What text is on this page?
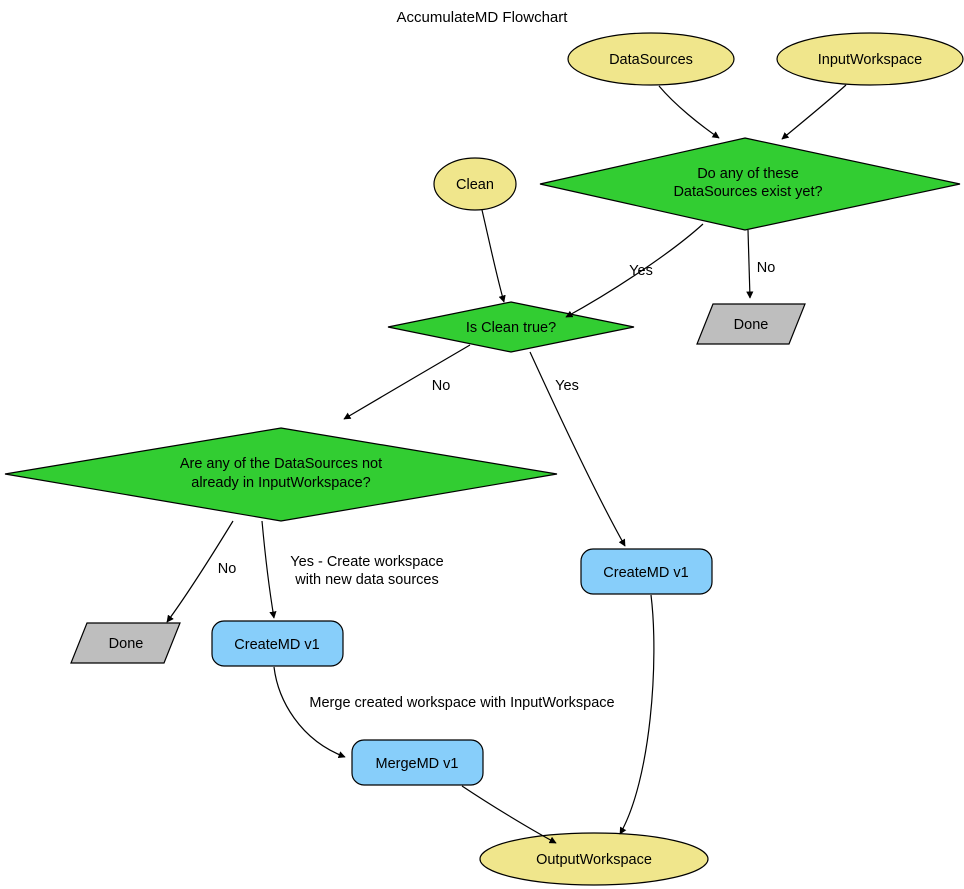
AccumulateMD Flowchart
DataSources	InputWorkspace
Clean
Do any of these
DataSources exist yet?
Done
Is Clean true?
Are any of the DataSources not
already in InputWorkspace?
Done	CreateMD v1
CreateMD v1
MergeMD v1
OutputWorkspace
Yes	No
No	Yes
No	Yes - Create workspace
with new data sources
Merge created workspace with InputWorkspace
